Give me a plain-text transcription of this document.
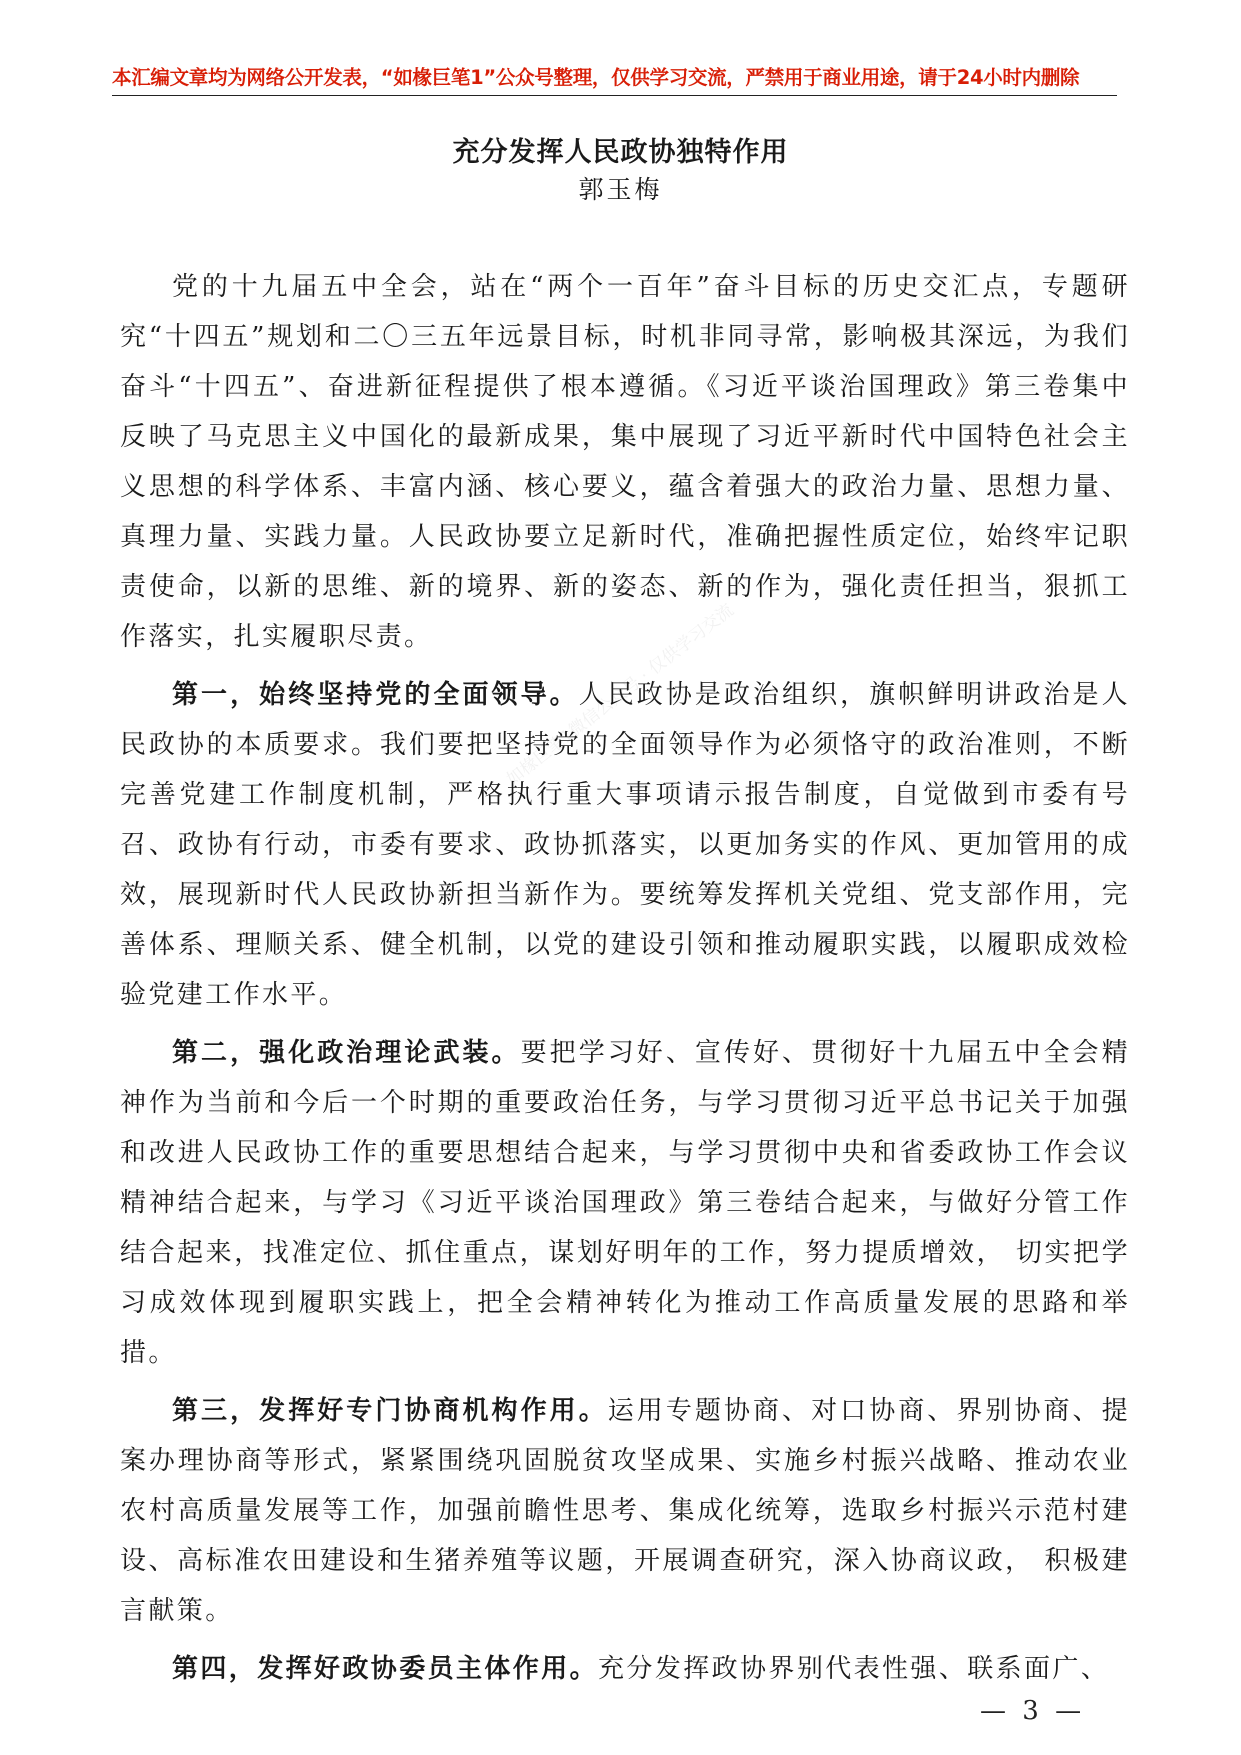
本汇编文章均为网络公开发表，“如椽巨笔1”公众号整理，仅供学习交流，严禁用于商业用途，请于24小时内删除
充分发挥人民政协独特作用
郭玉梅
如椽巨笔1微信公众号 · 仅供学习交流

党的十九届五中全会，站在“两个一百年”奋斗目标的历史交汇点，专题研究“十四五”规划和二〇三五年远景目标，时机非同寻常，影响极其深远，为我们奋斗“十四五”、奋进新征程提供了根本遵循。《习近平谈治国理政》第三卷集中反映了马克思主义中国化的最新成果，集中展现了习近平新时代中国特色社会主义思想的科学体系、丰富内涵、核心要义，蕴含着强大的政治力量、思想力量、真理力量、实践力量。人民政协要立足新时代，准确把握性质定位，始终牢记职责使命，以新的思维、新的境界、新的姿态、新的作为，强化责任担当，狠抓工作落实，扎实履职尽责。

第一，始终坚持党的全面领导。人民政协是政治组织，旗帜鲜明讲政治是人民政协的本质要求。我们要把坚持党的全面领导作为必须恪守的政治准则，不断完善党建工作制度机制，严格执行重大事项请示报告制度，自觉做到市委有号召、政协有行动，市委有要求、政协抓落实，以更加务实的作风、更加管用的成效，展现新时代人民政协新担当新作为。要统筹发挥机关党组、党支部作用，完善体系、理顺关系、健全机制，以党的建设引领和推动履职实践，以履职成效检验党建工作水平。

第二，强化政治理论武装。要把学习好、宣传好、贯彻好十九届五中全会精神作为当前和今后一个时期的重要政治任务，与学习贯彻习近平总书记关于加强和改进人民政协工作的重要思想结合起来，与学习贯彻中央和省委政协工作会议精神结合起来，与学习《习近平谈治国理政》第三卷结合起来，与做好分管工作结合起来，找准定位、抓住重点，谋划好明年的工作，努力提质增效， 切实把学习成效体现到履职实践上，把全会精神转化为推动工作高质量发展的思路和举措。

第三，发挥好专门协商机构作用。运用专题协商、对口协商、界别协商、提案办理协商等形式，紧紧围绕巩固脱贫攻坚成果、实施乡村振兴战略、推动农业农村高质量发展等工作，加强前瞻性思考、集成化统筹，选取乡村振兴示范村建设、高标准农田建设和生猪养殖等议题，开展调查研究，深入协商议政， 积极建言献策。

第四，发挥好政协委员主体作用。充分发挥政协界别代表性强、联系面广、

— 3 —
